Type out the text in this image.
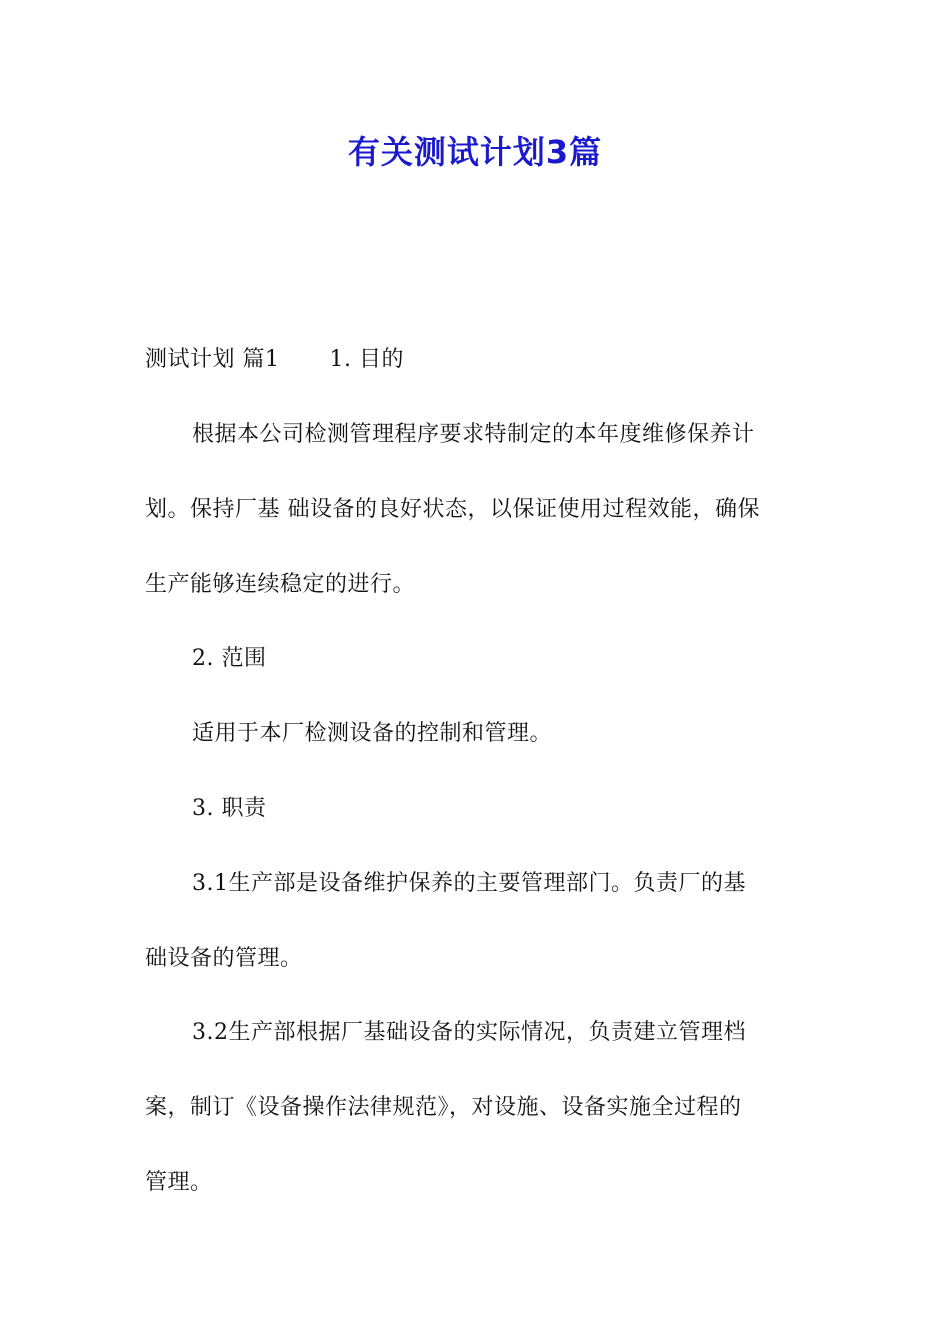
有关测试计划3篇
测试计划 篇1 1. 目的
根据本公司检测管理程序要求特制定的本年度维修保养计
划。保持厂基 础设备的良好状态，以保证使用过程效能，确保
生产能够连续稳定的进行。
2. 范围
适用于本厂检测设备的控制和管理。
3. 职责
3.1生产部是设备维护保养的主要管理部门。负责厂的基
础设备的管理。
3.2生产部根据厂基础设备的实际情况，负责建立管理档
案，制订《设备操作法律规范》，对设施、设备实施全过程的
管理。
